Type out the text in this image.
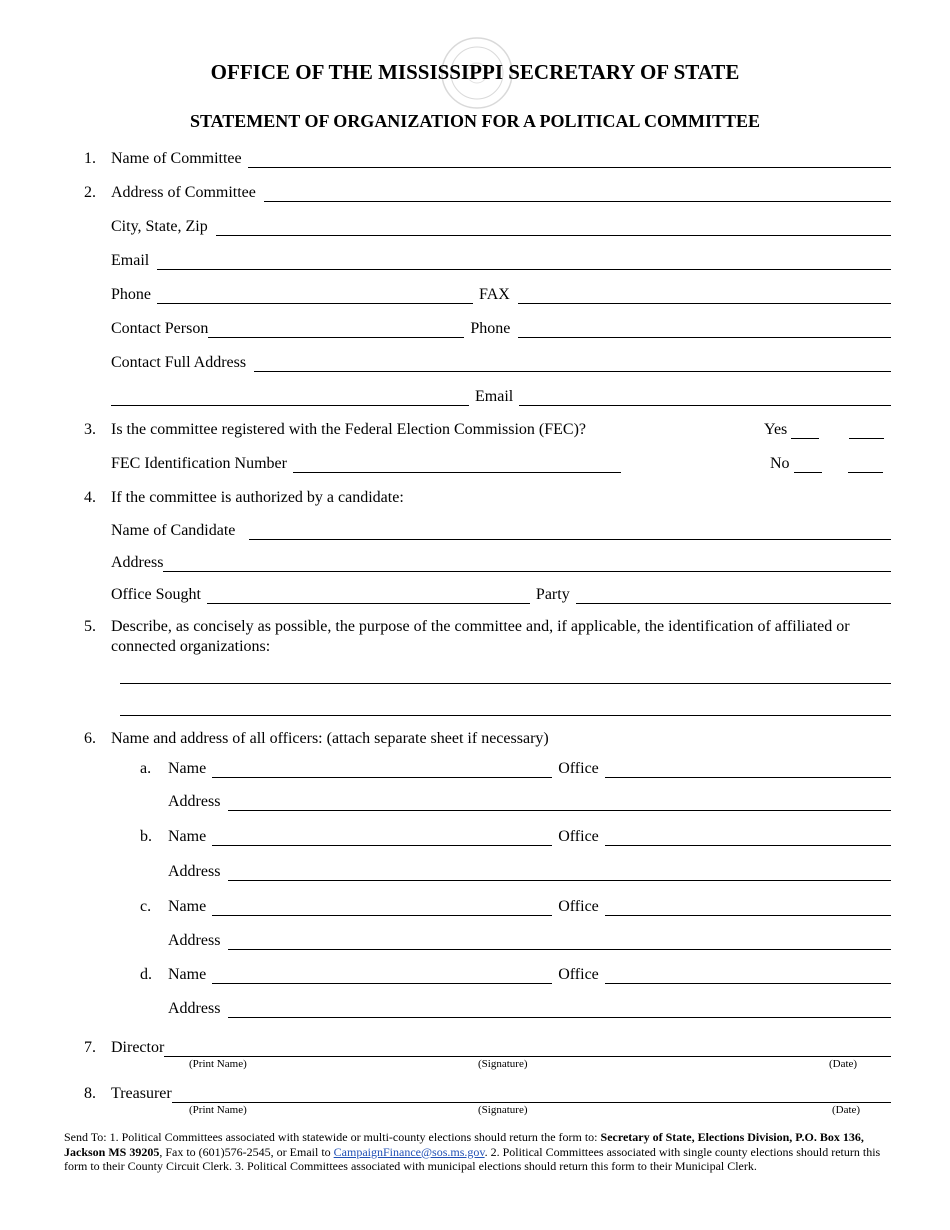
OFFICE OF THE MISSISSIPPI SECRETARY OF STATE
STATEMENT OF ORGANIZATION FOR A POLITICAL COMMITTEE
1. Name of Committee
2. Address of Committee
City, State, Zip
Email
Phone	FAX
Contact Person	Phone
Contact Full Address
Email
3. Is the committee registered with the Federal Election Commission (FEC)?	Yes

FEC Identification Number	No

4. If the committee is authorized by a candidate:
Name of Candidate
Address
Office Sought	Party
5. Describe, as concisely as possible, the purpose of the committee and, if applicable, the identification of affiliated or connected organizations:
6. Name and address of all officers: (attach separate sheet if necessary)
a. Name	Office
Address
b. Name	Office
Address
c. Name	Office
Address
d. Name	Office
Address
7. Director
(Print Name)	(Signature)	(Date)
8. Treasurer
(Print Name)	(Signature)	(Date)
Send To: 1. Political Committees associated with statewide or multi-county elections should return the form to: Secretary of State, Elections Division, P.O. Box 136, Jackson MS 39205, Fax to (601)576-2545, or Email to CampaignFinance@sos.ms.gov. 2. Political Committees associated with single county elections should return this form to their County Circuit Clerk. 3. Political Committees associated with municipal elections should return this form to their Municipal Clerk.
